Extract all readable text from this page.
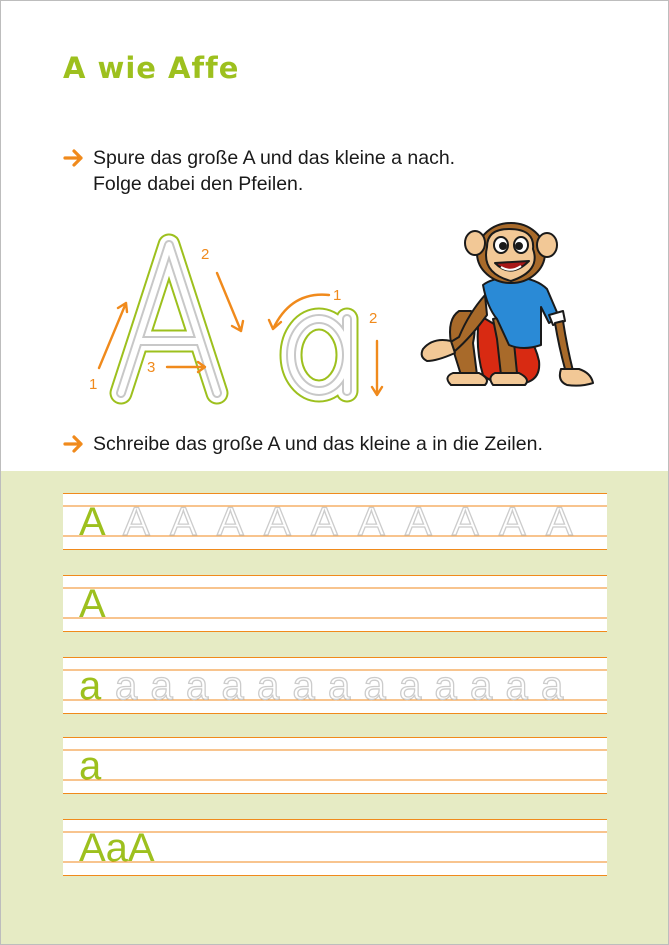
A wie Affe
Spure das große A und das kleine a nach.
Folge dabei den Pfeilen.
1
2
3
1
2
Schreibe das große A und das kleine a in die Zeilen.
A A A A A A A A A A A
A
a a a a a a a a a a a a a a
a
AaA
